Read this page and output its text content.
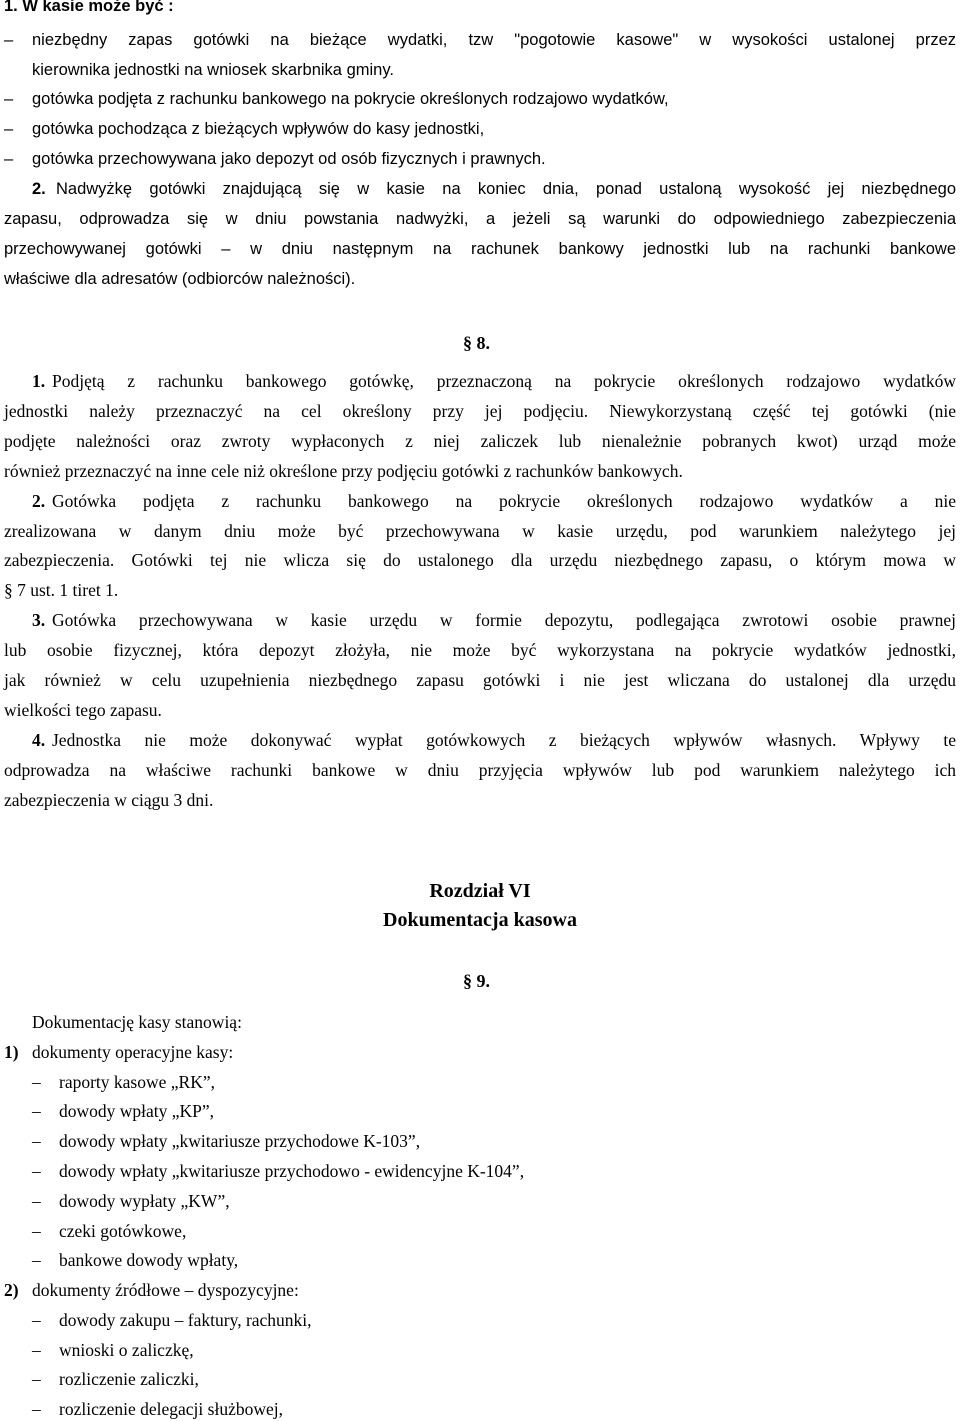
1. W kasie może być :
– niezbędny zapas gotówki na bieżące wydatki, tzw "pogotowie kasowe" w wysokości ustalonej przez
kierownika jednostki na wniosek skarbnika gminy.
– gotówka podjęta z rachunku bankowego na pokrycie określonych rodzajowo wydatków,
– gotówka pochodząca z bieżących wpływów do kasy jednostki,
– gotówka przechowywana jako depozyt od osób fizycznych i prawnych.
2. Nadwyżkę gotówki znajdującą się w kasie na koniec dnia, ponad ustaloną wysokość jej niezbędnego
zapasu, odprowadza się w dniu powstania nadwyżki, a jeżeli są warunki do odpowiedniego zabezpieczenia
przechowywanej gotówki – w dniu następnym na rachunek bankowy jednostki lub na rachunki bankowe
właściwe dla adresatów (odbiorców należności).
§ 8.
1. Podjętą z rachunku bankowego gotówkę, przeznaczoną na pokrycie określonych rodzajowo wydatków
jednostki należy przeznaczyć na cel określony przy jej podjęciu. Niewykorzystaną część tej gotówki (nie
podjęte należności oraz zwroty wypłaconych z niej zaliczek lub nienależnie pobranych kwot) urząd może
również przeznaczyć na inne cele niż określone przy podjęciu gotówki z rachunków bankowych.
2. Gotówka podjęta z rachunku bankowego na pokrycie określonych rodzajowo wydatków a nie
zrealizowana w danym dniu może być przechowywana w kasie urzędu, pod warunkiem należytego jej
zabezpieczenia. Gotówki tej nie wlicza się do ustalonego dla urzędu niezbędnego zapasu, o którym mowa w
§ 7 ust. 1 tiret 1.
3. Gotówka przechowywana w kasie urzędu w formie depozytu, podlegająca zwrotowi osobie prawnej
lub osobie fizycznej, która depozyt złożyła, nie może być wykorzystana na pokrycie wydatków jednostki,
jak również w celu uzupełnienia niezbędnego zapasu gotówki i nie jest wliczana do ustalonej dla urzędu
wielkości tego zapasu.
4. Jednostka nie może dokonywać wypłat gotówkowych z bieżących wpływów własnych. Wpływy te
odprowadza na właściwe rachunki bankowe w dniu przyjęcia wpływów lub pod warunkiem należytego ich
zabezpieczenia w ciągu 3 dni.
Rozdział VI
Dokumentacja kasowa
§ 9.
Dokumentację kasy stanowią:
1) dokumenty operacyjne kasy:
– raporty kasowe „RK”,
– dowody wpłaty „KP”,
– dowody wpłaty „kwitariusze przychodowe K-103”,
– dowody wpłaty „kwitariusze przychodowo - ewidencyjne K-104”,
– dowody wypłaty „KW”,
– czeki gotówkowe,
– bankowe dowody wpłaty,
2) dokumenty źródłowe – dyspozycyjne:
– dowody zakupu – faktury, rachunki,
– wnioski o zaliczkę,
– rozliczenie zaliczki,
– rozliczenie delegacji służbowej,
